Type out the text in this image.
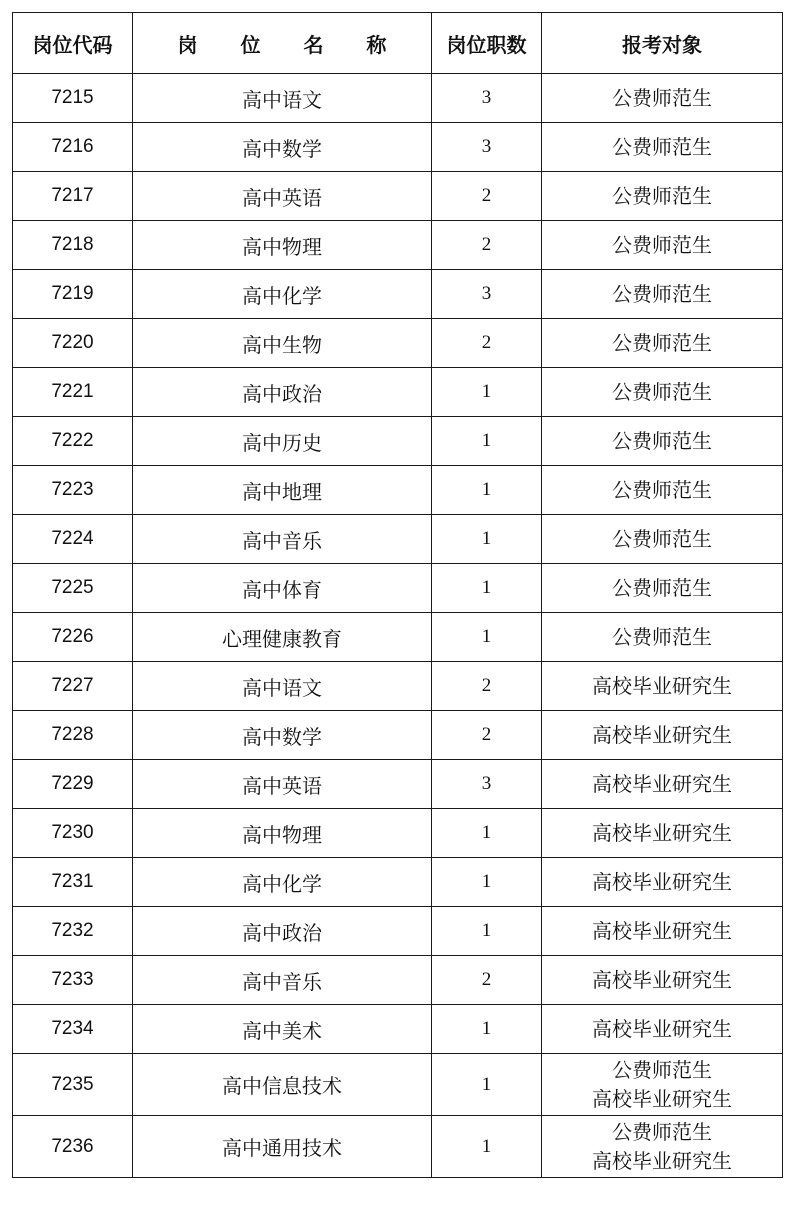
岗位代码	岗 位 名 称	岗位职数	报考对象
7215	高中语文	3	公费师范生

7216	高中数学	3	公费师范生

7217	高中英语	2	公费师范生

7218	高中物理	2	公费师范生

7219	高中化学	3	公费师范生

7220	高中生物	2	公费师范生

7221	高中政治	1	公费师范生

7222	高中历史	1	公费师范生

7223	高中地理	1	公费师范生

7224	高中音乐	1	公费师范生

7225	高中体育	1	公费师范生

7226	心理健康教育	1	公费师范生

7227	高中语文	2	高校毕业研究生

7228	高中数学	2	高校毕业研究生

7229	高中英语	3	高校毕业研究生

7230	高中物理	1	高校毕业研究生

7231	高中化学	1	高校毕业研究生

7232	高中政治	1	高校毕业研究生

7233	高中音乐	2	高校毕业研究生

7234	高中美术	1	高校毕业研究生

7235	高中信息技术	1	公费师范生
高校毕业研究生

7236	高中通用技术	1	公费师范生
高校毕业研究生
